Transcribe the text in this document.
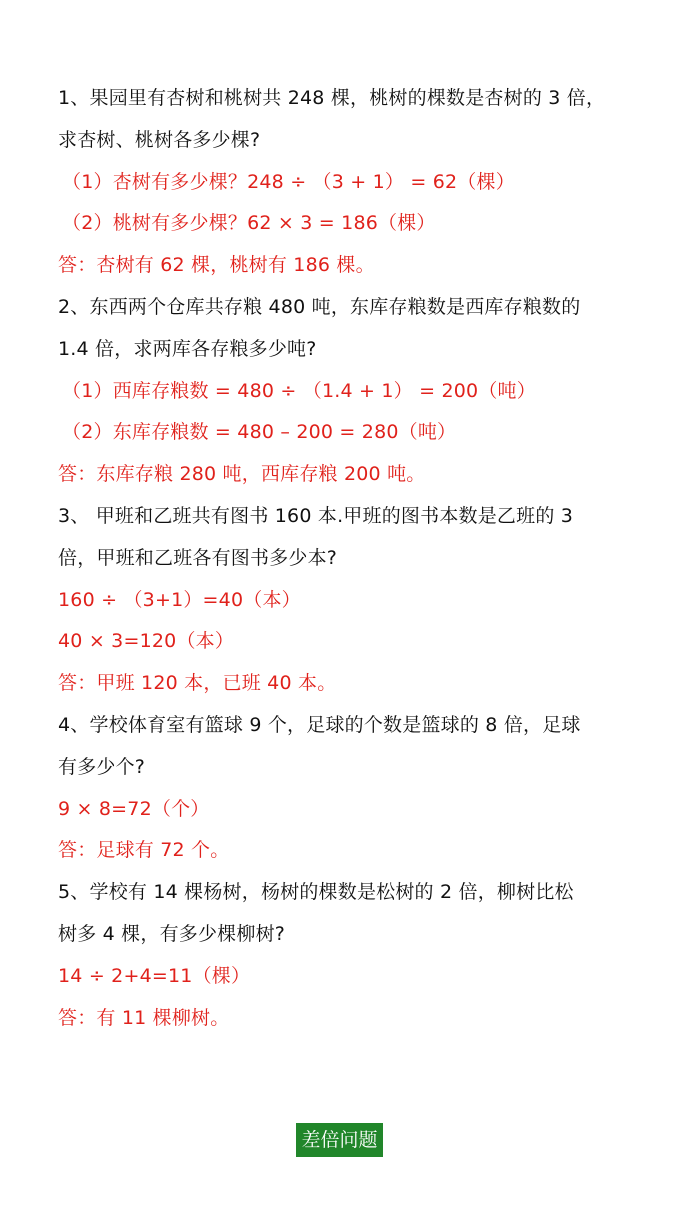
1、果园里有杏树和桃树共 248 棵，桃树的棵数是杏树的 3 倍，
求杏树、桃树各多少棵?
（1）杏树有多少棵？248 ÷ （3 + 1） = 62（棵）
（2）桃树有多少棵？62 × 3 = 186（棵）
答：杏树有 62 棵，桃树有 186 棵。
2、东西两个仓库共存粮 480 吨，东库存粮数是西库存粮数的
1.4 倍，求两库各存粮多少吨?
（1）西库存粮数 = 480 ÷ （1.4 + 1） = 200（吨）
（2）东库存粮数 = 480 – 200 = 280（吨）
答：东库存粮 280 吨，西库存粮 200 吨。
3、 甲班和乙班共有图书 160 本.甲班的图书本数是乙班的 3
倍，甲班和乙班各有图书多少本?
160 ÷ （3+1）=40（本）
40 × 3=120（本）
答：甲班 120 本，已班 40 本。
4、学校体育室有篮球 9 个，足球的个数是篮球的 8 倍，足球
有多少个?
9 × 8=72（个）
答：足球有 72 个。
5、学校有 14 棵杨树，杨树的棵数是松树的 2 倍，柳树比松
树多 4 棵，有多少棵柳树?
14 ÷ 2+4=11（棵）
答：有 11 棵柳树。
差倍问题
